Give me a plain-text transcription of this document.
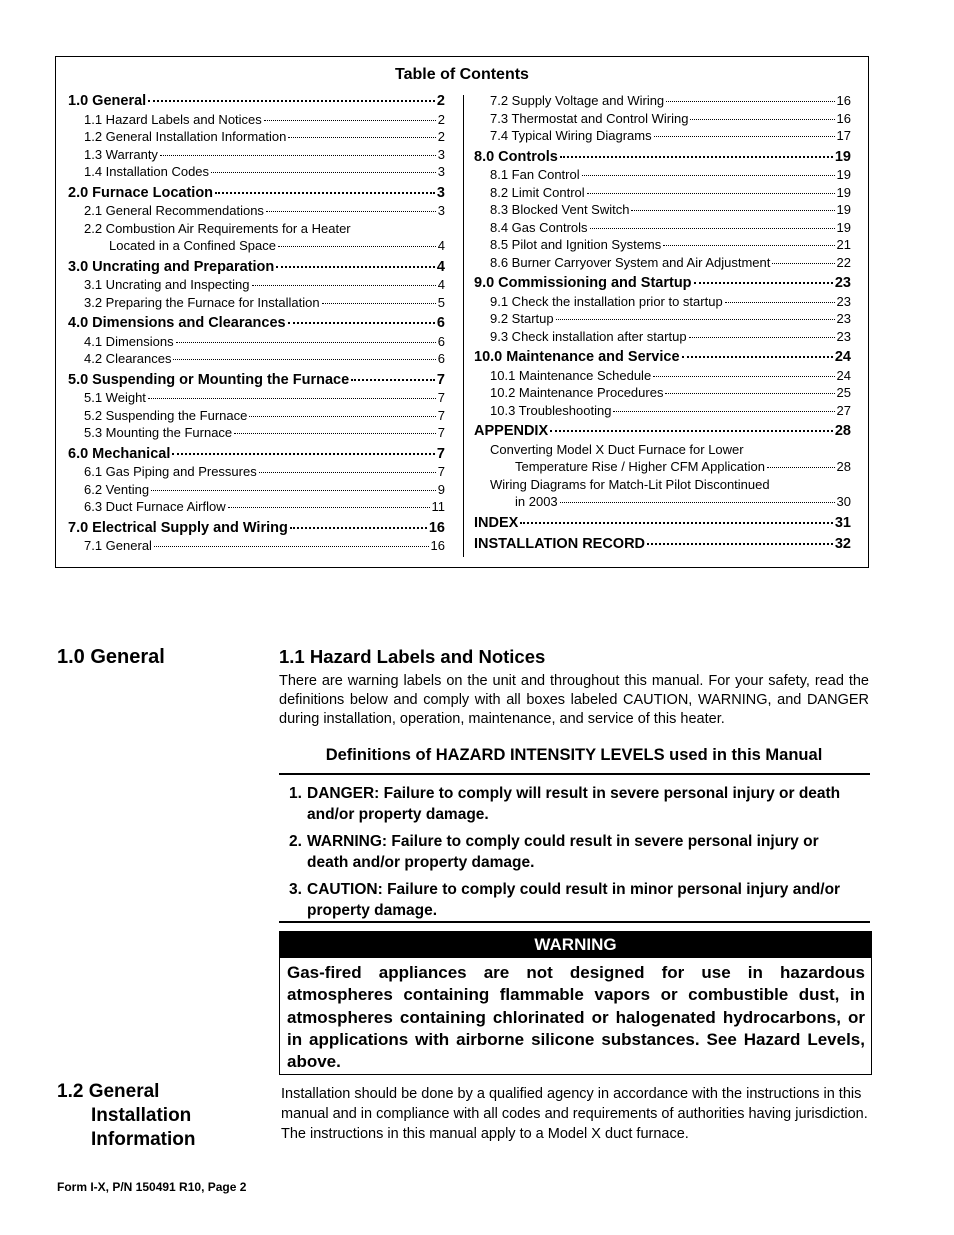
Table of Contents
1.0 General	2
1.1 Hazard Labels and Notices	2
1.2 General Installation Information	2
1.3 Warranty	3
1.4 Installation Codes	3
2.0 Furnace Location	3
2.1 General Recommendations	3
2.2 Combustion Air Requirements for a Heater
Located in a Confined Space	4
3.0 Uncrating and Preparation	4
3.1 Uncrating and Inspecting	4
3.2 Preparing the Furnace for Installation	5
4.0 Dimensions and Clearances	6
4.1 Dimensions	6
4.2 Clearances	6
5.0 Suspending or Mounting the Furnace	7
5.1 Weight	7
5.2 Suspending the Furnace	7
5.3 Mounting the Furnace	7
6.0 Mechanical	7
6.1 Gas Piping and Pressures	7
6.2 Venting	9
6.3 Duct Furnace Airflow	11
7.0 Electrical Supply and Wiring	16
7.1 General	16
7.2 Supply Voltage and Wiring	16
7.3 Thermostat and Control Wiring	16
7.4 Typical Wiring Diagrams	17
8.0 Controls	19
8.1 Fan Control	19
8.2 Limit Control	19
8.3 Blocked Vent Switch	19
8.4 Gas Controls	19
8.5 Pilot and Ignition Systems	21
8.6 Burner Carryover System and Air Adjustment	22
9.0 Commissioning and Startup	23
9.1 Check the installation prior to startup	23
9.2 Startup	23
9.3 Check installation after startup	23
10.0 Maintenance and Service	24
10.1 Maintenance Schedule	24
10.2 Maintenance Procedures	25
10.3 Troubleshooting	27
APPENDIX	28
Converting Model X Duct Furnace for Lower
Temperature Rise / Higher CFM Application	28
Wiring Diagrams for Match-Lit Pilot Discontinued
in 2003	30
INDEX	31
INSTALLATION RECORD	32
1.0 General	1.1 Hazard Labels and Notices
There are warning labels on the unit and throughout this manual. For your safety, read the definitions below and comply with all boxes labeled CAUTION, WARNING, and DANGER during installation, operation, maintenance, and service of this heater.
Definitions of HAZARD INTENSITY LEVELS used in this Manual
1. DANGER: Failure to comply will result in severe personal injury or death and/or property damage.
2. WARNING: Failure to comply could result in severe personal injury or death and/or property damage.
3. CAUTION: Failure to comply could result in minor personal injury and/or property damage.
WARNING
Gas-fired appliances are not designed for use in hazardous atmospheres containing flammable vapors or combustible dust, in atmospheres containing chlorinated or halogenated hydrocarbons, or in applications with airborne silicone substances. See Hazard Levels, above.
1.2 General
Installation
Information
Installation should be done by a qualified agency in accordance with the instructions in this manual and in compliance with all codes and requirements of authorities having jurisdiction.
The instructions in this manual apply to a Model X duct furnace.
Form I-X, P/N 150491 R10, Page 2
